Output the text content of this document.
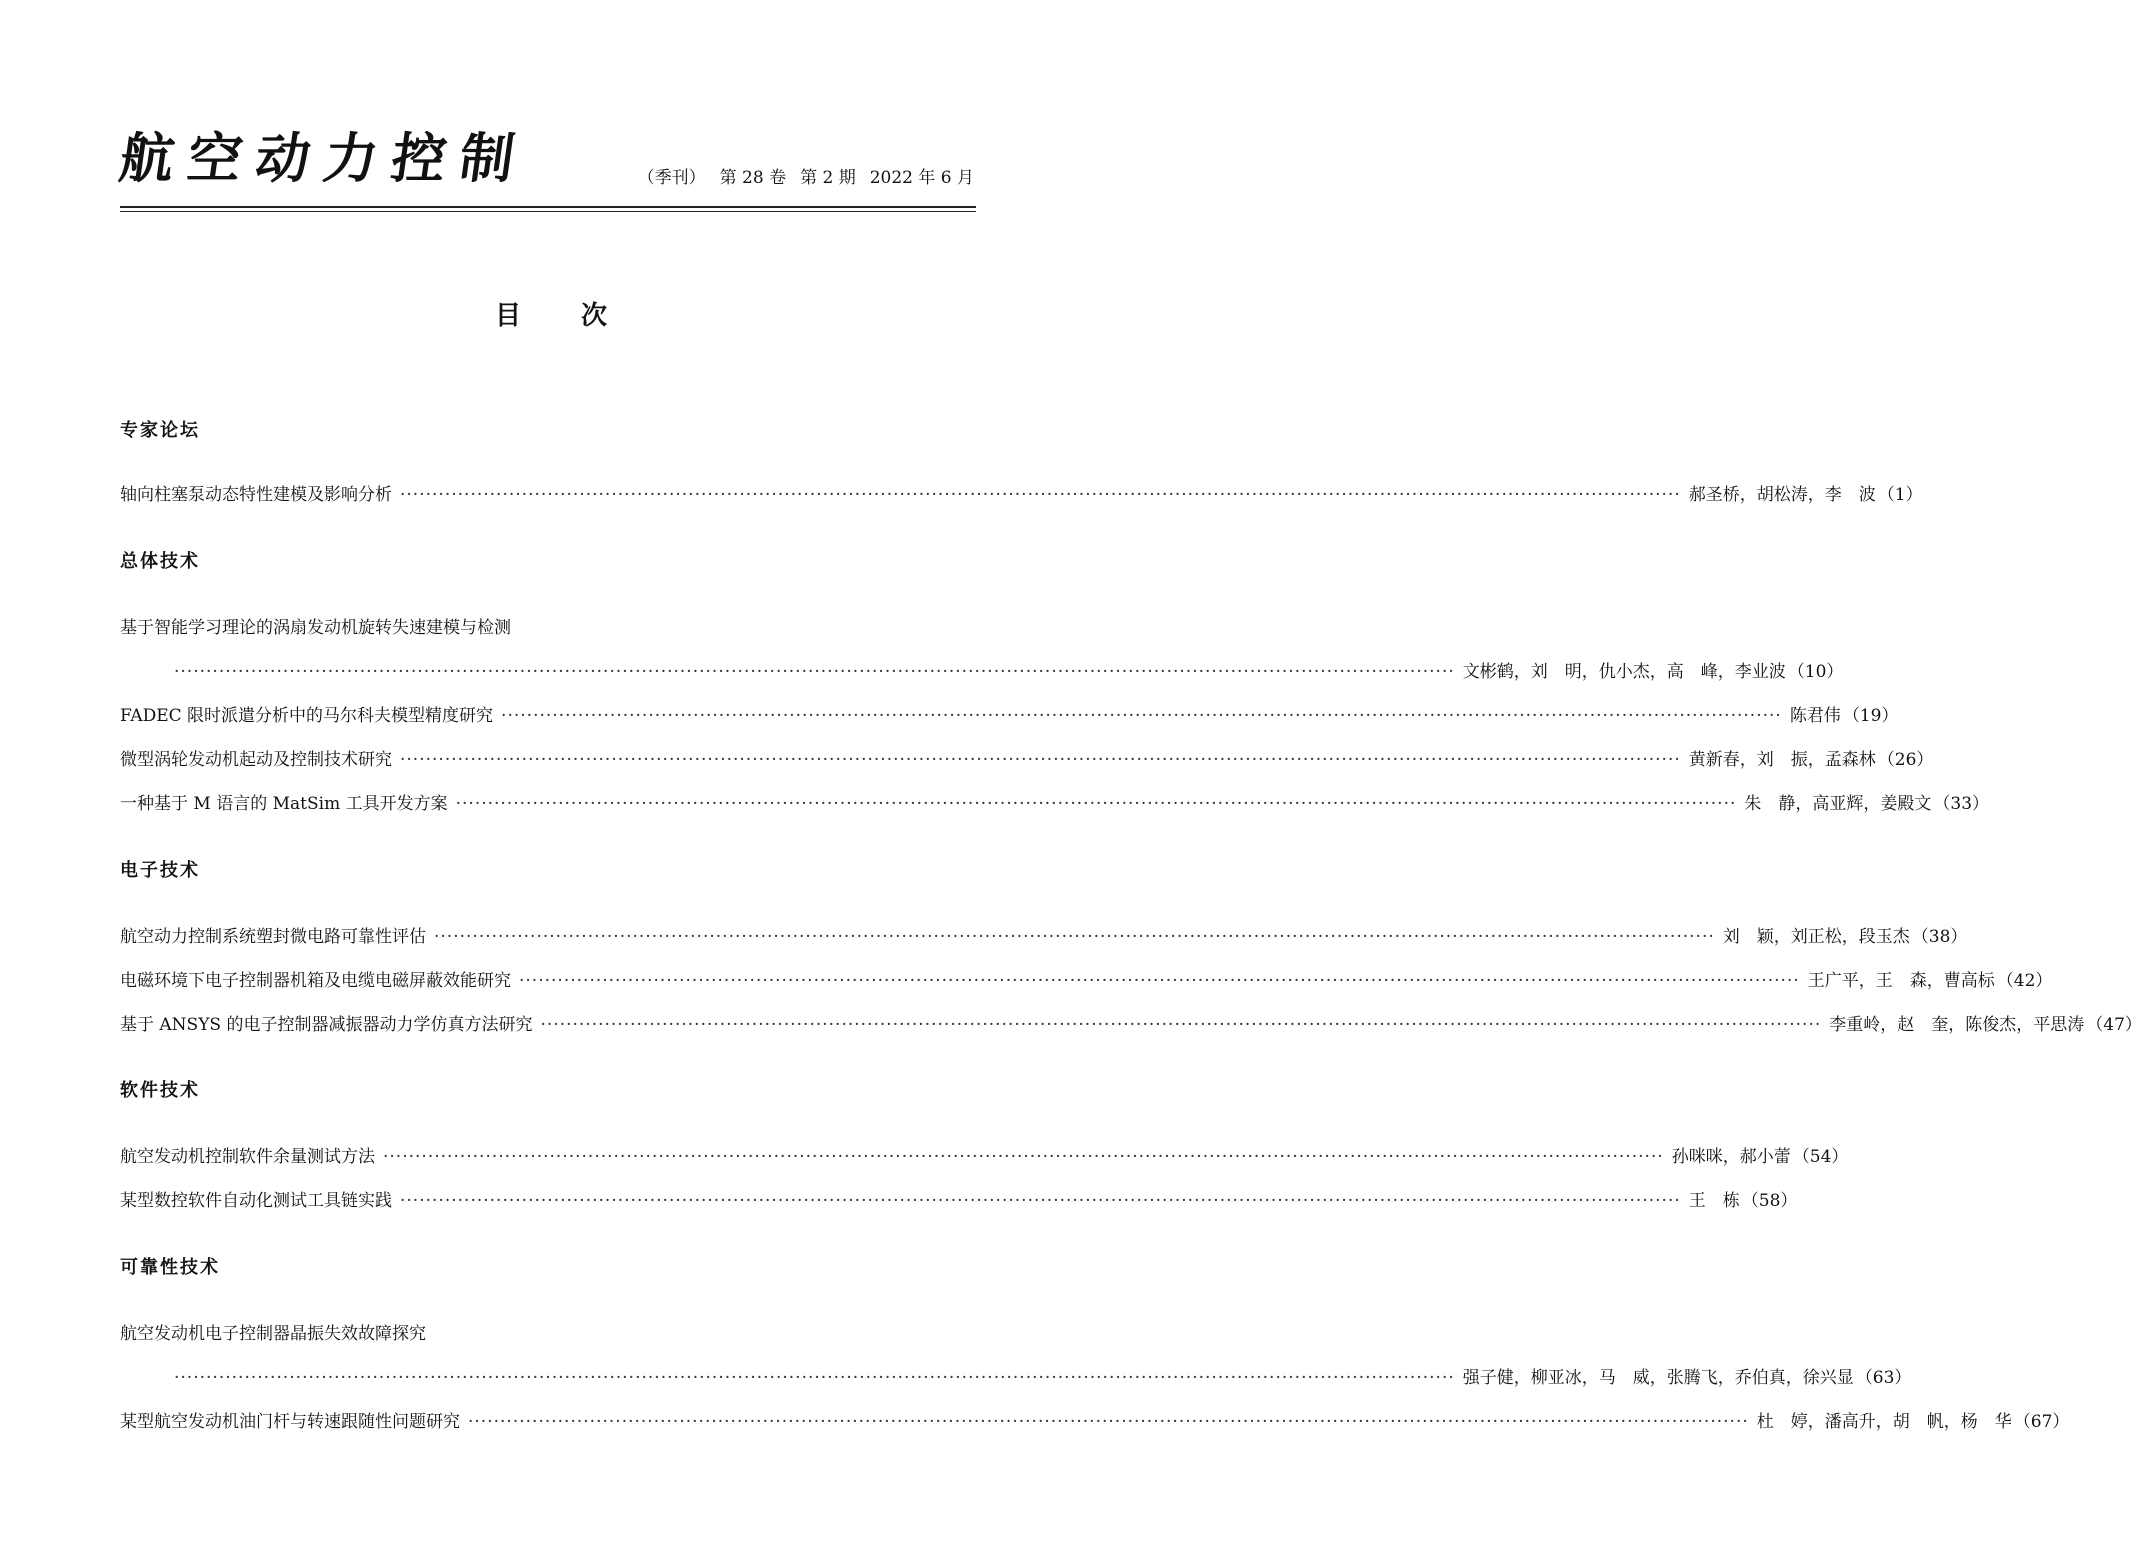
航空动力控制	（季刊） 第 28 卷 第 2 期 2022 年 6 月
目次
专家论坛
轴向柱塞泵动态特性建模及影响分析 ········································································································································································································ 郝圣桥，胡松涛，李　波 （1）
总体技术
基于智能学习理论的涡扇发动机旋转失速建模与检测
········································································································································································································ 文彬鹤，刘　明，仇小杰，高　峰，李业波 （10）
FADEC 限时派遣分析中的马尔科夫模型精度研究 ········································································································································································································ 陈君伟 （19）
微型涡轮发动机起动及控制技术研究 ········································································································································································································ 黄新春，刘　振，孟森林 （26）
一种基于 M 语言的 MatSim 工具开发方案 ········································································································································································································ 朱　静，高亚辉，姜殿文 （33）
电子技术
航空动力控制系统塑封微电路可靠性评估 ········································································································································································································ 刘　颖，刘正松，段玉杰 （38）
电磁环境下电子控制器机箱及电缆电磁屏蔽效能研究 ········································································································································································································ 王广平，王　森，曹高标 （42）
基于 ANSYS 的电子控制器减振器动力学仿真方法研究 ········································································································································································································ 李重岭，赵　奎，陈俊杰，平思涛 （47）
软件技术
航空发动机控制软件余量测试方法 ········································································································································································································ 孙咪咪，郝小蕾 （54）
某型数控软件自动化测试工具链实践 ········································································································································································································ 王　栋 （58）
可靠性技术
航空发动机电子控制器晶振失效故障探究
········································································································································································································ 强子健，柳亚冰，马　威，张腾飞，乔伯真，徐兴显 （63）
某型航空发动机油门杆与转速跟随性问题研究 ········································································································································································································ 杜　婷，潘高升，胡　帆，杨　华 （67）
